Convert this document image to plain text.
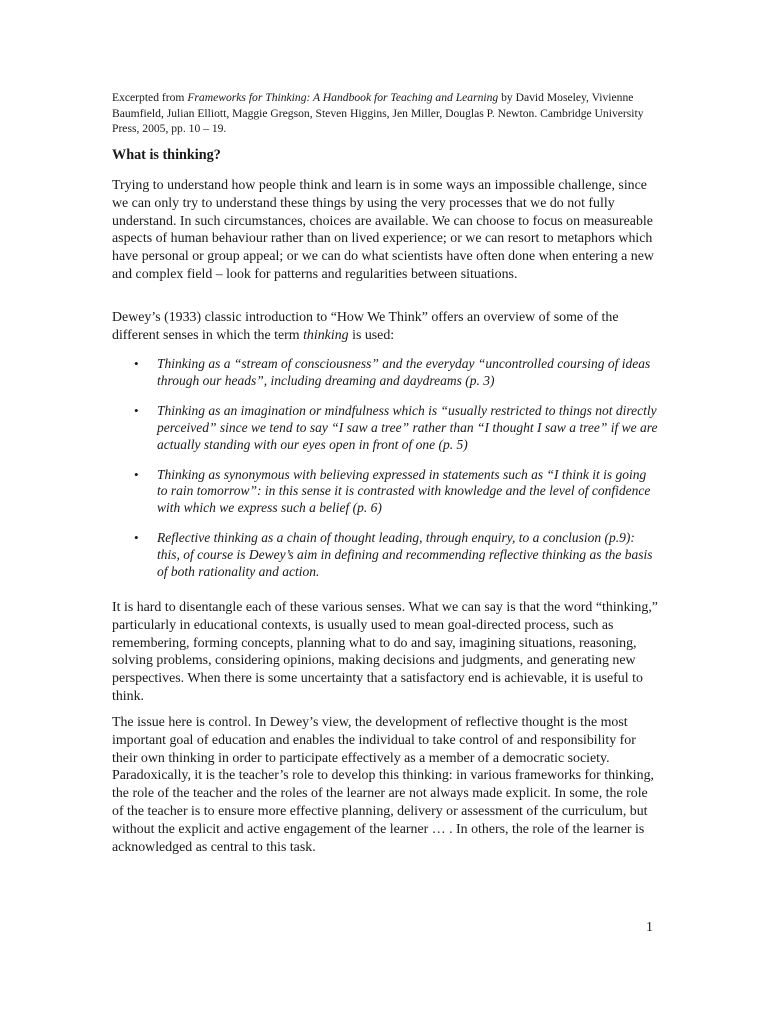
Excerpted from Frameworks for Thinking: A Handbook for Teaching and Learning by David Moseley, Vivienne Baumfield, Julian Elliott, Maggie Gregson, Steven Higgins, Jen Miller, Douglas P. Newton. Cambridge University Press, 2005, pp. 10 – 19.
What is thinking?

Trying to understand how people think and learn is in some ways an impossible challenge, since we can only try to understand these things by using the very processes that we do not fully understand. In such circumstances, choices are available. We can choose to focus on measureable aspects of human behaviour rather than on lived experience; or we can resort to metaphors which have personal or group appeal; or we can do what scientists have often done when entering a new and complex field – look for patterns and regularities between situations.

Dewey’s (1933) classic introduction to “How We Think” offers an overview of some of the different senses in which the term thinking is used:

• Thinking as a “stream of consciousness” and the everyday “uncontrolled coursing of ideas through our heads”, including dreaming and daydreams (p. 3)
• Thinking as an imagination or mindfulness which is “usually restricted to things not directly perceived” since we tend to say “I saw a tree” rather than “I thought I saw a tree” if we are actually standing with our eyes open in front of one (p. 5)
• Thinking as synonymous with believing expressed in statements such as “I think it is going to rain tomorrow”: in this sense it is contrasted with knowledge and the level of confidence with which we express such a belief (p. 6)
• Reflective thinking as a chain of thought leading, through enquiry, to a conclusion (p.9): this, of course is Dewey’s aim in defining and recommending reflective thinking as the basis of both rationality and action.

It is hard to disentangle each of these various senses. What we can say is that the word “thinking,” particularly in educational contexts, is usually used to mean goal-directed process, such as remembering, forming concepts, planning what to do and say, imagining situations, reasoning, solving problems, considering opinions, making decisions and judgments, and generating new perspectives. When there is some uncertainty that a satisfactory end is achievable, it is useful to think.

The issue here is control. In Dewey’s view, the development of reflective thought is the most important goal of education and enables the individual to take control of and responsibility for their own thinking in order to participate effectively as a member of a democratic society. Paradoxically, it is the teacher’s role to develop this thinking: in various frameworks for thinking, the role of the teacher and the roles of the learner are not always made explicit. In some, the role of the teacher is to ensure more effective planning, delivery or assessment of the curriculum, but without the explicit and active engagement of the learner … . In others, the role of the learner is acknowledged as central to this task.

1
